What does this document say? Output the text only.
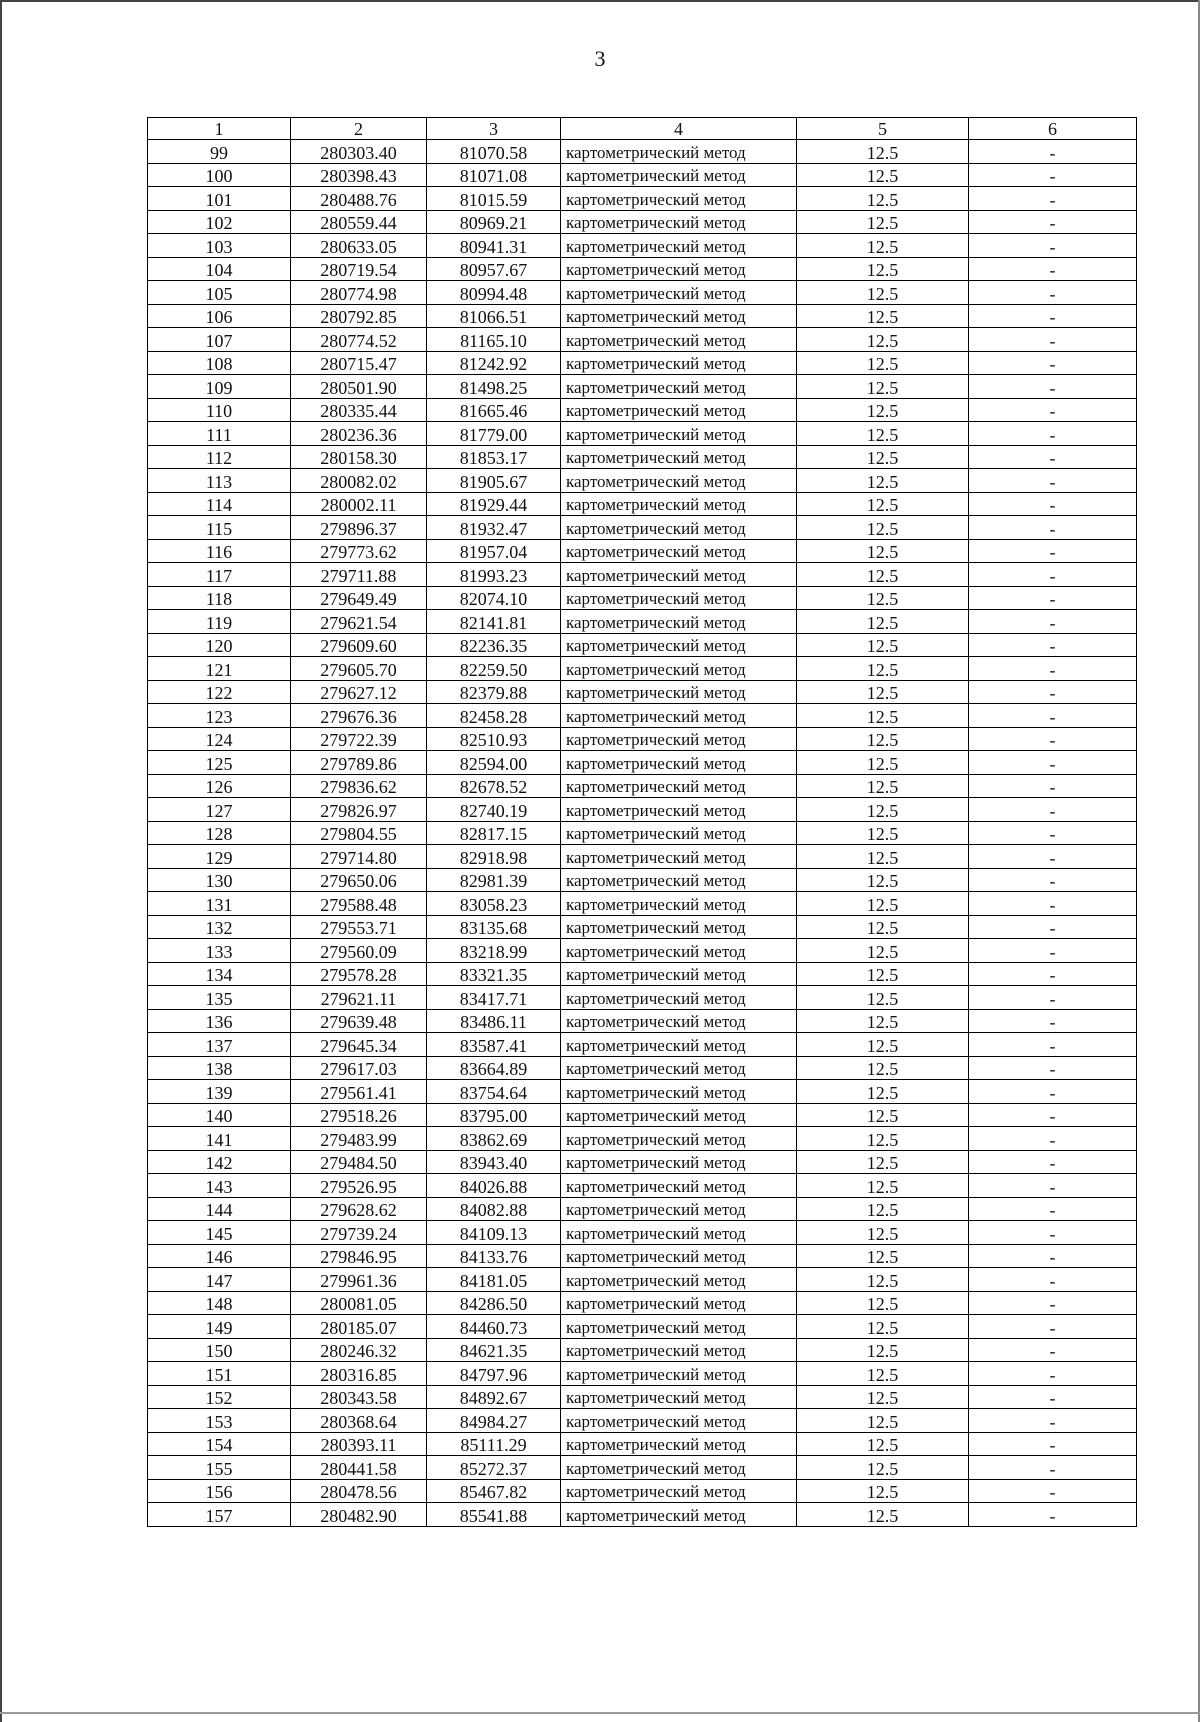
3
1	2	3	4	5	6
99	280303.40	81070.58	картометрический метод	12.5	-
100	280398.43	81071.08	картометрический метод	12.5	-
101	280488.76	81015.59	картометрический метод	12.5	-
102	280559.44	80969.21	картометрический метод	12.5	-
103	280633.05	80941.31	картометрический метод	12.5	-
104	280719.54	80957.67	картометрический метод	12.5	-
105	280774.98	80994.48	картометрический метод	12.5	-
106	280792.85	81066.51	картометрический метод	12.5	-
107	280774.52	81165.10	картометрический метод	12.5	-
108	280715.47	81242.92	картометрический метод	12.5	-
109	280501.90	81498.25	картометрический метод	12.5	-
110	280335.44	81665.46	картометрический метод	12.5	-
111	280236.36	81779.00	картометрический метод	12.5	-
112	280158.30	81853.17	картометрический метод	12.5	-
113	280082.02	81905.67	картометрический метод	12.5	-
114	280002.11	81929.44	картометрический метод	12.5	-
115	279896.37	81932.47	картометрический метод	12.5	-
116	279773.62	81957.04	картометрический метод	12.5	-
117	279711.88	81993.23	картометрический метод	12.5	-
118	279649.49	82074.10	картометрический метод	12.5	-
119	279621.54	82141.81	картометрический метод	12.5	-
120	279609.60	82236.35	картометрический метод	12.5	-
121	279605.70	82259.50	картометрический метод	12.5	-
122	279627.12	82379.88	картометрический метод	12.5	-
123	279676.36	82458.28	картометрический метод	12.5	-
124	279722.39	82510.93	картометрический метод	12.5	-
125	279789.86	82594.00	картометрический метод	12.5	-
126	279836.62	82678.52	картометрический метод	12.5	-
127	279826.97	82740.19	картометрический метод	12.5	-
128	279804.55	82817.15	картометрический метод	12.5	-
129	279714.80	82918.98	картометрический метод	12.5	-
130	279650.06	82981.39	картометрический метод	12.5	-
131	279588.48	83058.23	картометрический метод	12.5	-
132	279553.71	83135.68	картометрический метод	12.5	-
133	279560.09	83218.99	картометрический метод	12.5	-
134	279578.28	83321.35	картометрический метод	12.5	-
135	279621.11	83417.71	картометрический метод	12.5	-
136	279639.48	83486.11	картометрический метод	12.5	-
137	279645.34	83587.41	картометрический метод	12.5	-
138	279617.03	83664.89	картометрический метод	12.5	-
139	279561.41	83754.64	картометрический метод	12.5	-
140	279518.26	83795.00	картометрический метод	12.5	-
141	279483.99	83862.69	картометрический метод	12.5	-
142	279484.50	83943.40	картометрический метод	12.5	-
143	279526.95	84026.88	картометрический метод	12.5	-
144	279628.62	84082.88	картометрический метод	12.5	-
145	279739.24	84109.13	картометрический метод	12.5	-
146	279846.95	84133.76	картометрический метод	12.5	-
147	279961.36	84181.05	картометрический метод	12.5	-
148	280081.05	84286.50	картометрический метод	12.5	-
149	280185.07	84460.73	картометрический метод	12.5	-
150	280246.32	84621.35	картометрический метод	12.5	-
151	280316.85	84797.96	картометрический метод	12.5	-
152	280343.58	84892.67	картометрический метод	12.5	-
153	280368.64	84984.27	картометрический метод	12.5	-
154	280393.11	85111.29	картометрический метод	12.5	-
155	280441.58	85272.37	картометрический метод	12.5	-
156	280478.56	85467.82	картометрический метод	12.5	-
157	280482.90	85541.88	картометрический метод	12.5	-
